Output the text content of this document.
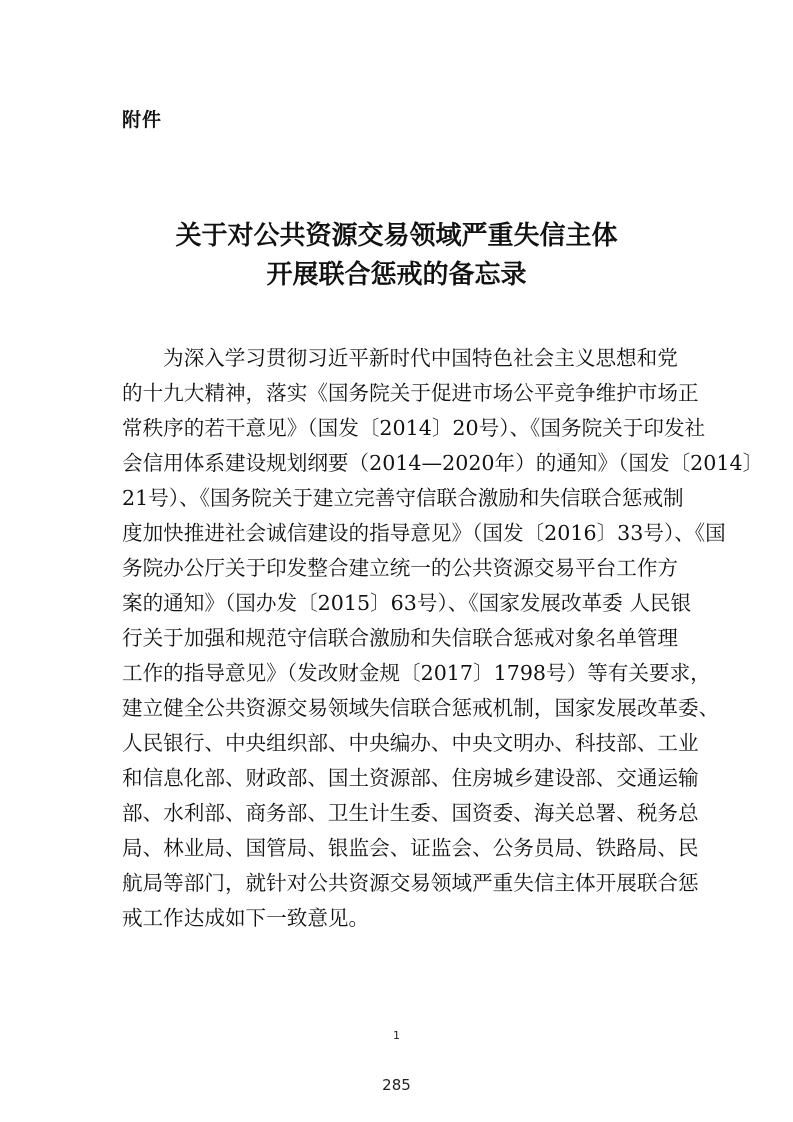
附件
关于对公共资源交易领域严重失信主体
开展联合惩戒的备忘录
为深入学习贯彻习近平新时代中国特色社会主义思想和党
的十九大精神，落实《国务院关于促进市场公平竞争维护市场正
常秩序的若干意见》（国发〔2014〕20号）、《国务院关于印发社
会信用体系建设规划纲要（2014—2020年）的通知》（国发〔2014〕
21号）、《国务院关于建立完善守信联合激励和失信联合惩戒制
度加快推进社会诚信建设的指导意见》（国发〔2016〕33号）、《国
务院办公厅关于印发整合建立统一的公共资源交易平台工作方
案的通知》（国办发〔2015〕63号）、《国家发展改革委 人民银
行关于加强和规范守信联合激励和失信联合惩戒对象名单管理
工作的指导意见》（发改财金规〔2017〕1798号）等有关要求，
建立健全公共资源交易领域失信联合惩戒机制，国家发展改革委、
人民银行、中央组织部、中央编办、中央文明办、科技部、工业
和信息化部、财政部、国土资源部、住房城乡建设部、交通运输
部、水利部、商务部、卫生计生委、国资委、海关总署、税务总
局、林业局、国管局、银监会、证监会、公务员局、铁路局、民
航局等部门，就针对公共资源交易领域严重失信主体开展联合惩
戒工作达成如下一致意见。
1
285
